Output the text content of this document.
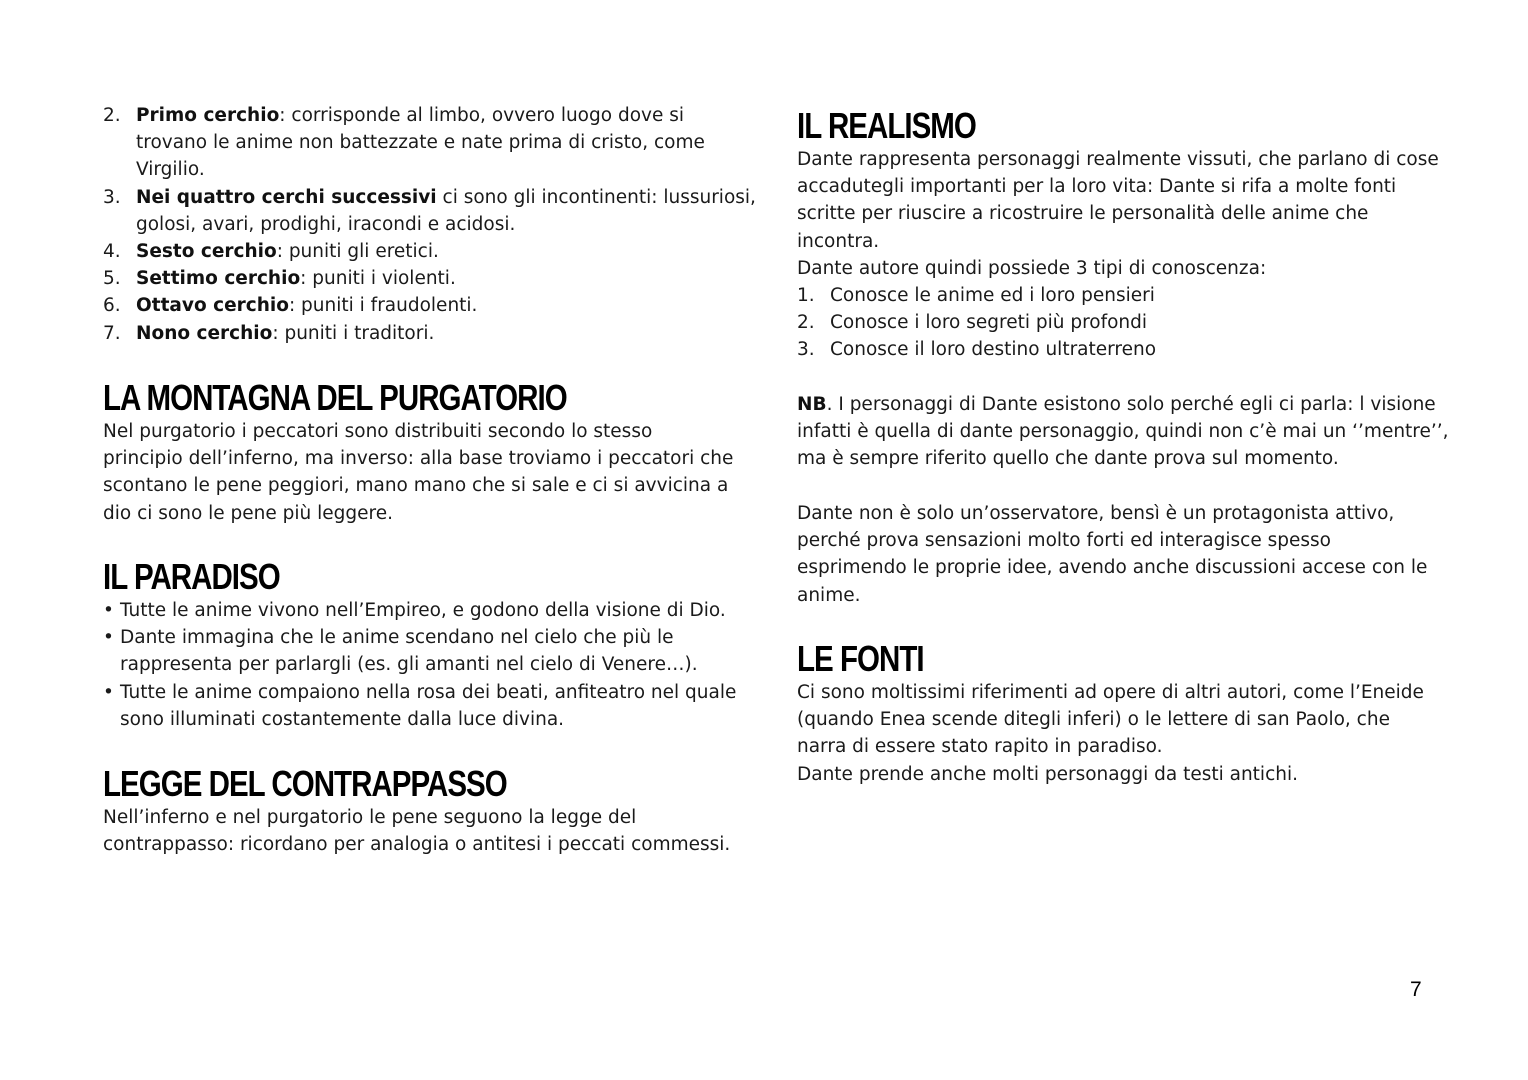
2. Primo cerchio: corrisponde al limbo, ovvero luogo dove si
trovano le anime non battezzate e nate prima di cristo, come
Virgilio.
3. Nei quattro cerchi successivi ci sono gli incontinenti: lussuriosi,
golosi, avari, prodighi, iracondi e acidosi.
4. Sesto cerchio: puniti gli eretici.
5. Settimo cerchio: puniti i violenti.
6. Ottavo cerchio: puniti i fraudolenti.
7. Nono cerchio: puniti i traditori.
LA MONTAGNA DEL PURGATORIO

Nel purgatorio i peccatori sono distribuiti secondo lo stesso

principio dell’inferno, ma inverso: alla base troviamo i peccatori che

scontano le pene peggiori, mano mano che si sale e ci si avvicina a

dio ci sono le pene più leggere.

IL PARADISO
• Tutte le anime vivono nell’Empireo, e godono della visione di Dio.
• Dante immagina che le anime scendano nel cielo che più le
rappresenta per parlargli (es. gli amanti nel cielo di Venere…).
• Tutte le anime compaiono nella rosa dei beati, anfiteatro nel quale
sono illuminati costantemente dalla luce divina.
LEGGE DEL CONTRAPPASSO

Nell’inferno e nel purgatorio le pene seguono la legge del

contrappasso: ricordano per analogia o antitesi i peccati commessi.

IL REALISMO

Dante rappresenta personaggi realmente vissuti, che parlano di cose

accadutegli importanti per la loro vita: Dante si rifa a molte fonti

scritte per riuscire a ricostruire le personalità delle anime che

incontra.

Dante autore quindi possiede 3 tipi di conoscenza:

1. Conosce le anime ed i loro pensieri
2. Conosce i loro segreti più profondi
3. Conosce il loro destino ultraterreno

NB. I personaggi di Dante esistono solo perché egli ci parla: l visione

infatti è quella di dante personaggio, quindi non c’è mai un ‘’mentre’’,

ma è sempre riferito quello che dante prova sul momento.

Dante non è solo un’osservatore, bensì è un protagonista attivo,

perché prova sensazioni molto forti ed interagisce spesso

esprimendo le proprie idee, avendo anche discussioni accese con le

anime.

LE FONTI

Ci sono moltissimi riferimenti ad opere di altri autori, come l’Eneide

(quando Enea scende ditegli inferi) o le lettere di san Paolo, che

narra di essere stato rapito in paradiso.

Dante prende anche molti personaggi da testi antichi.

7
